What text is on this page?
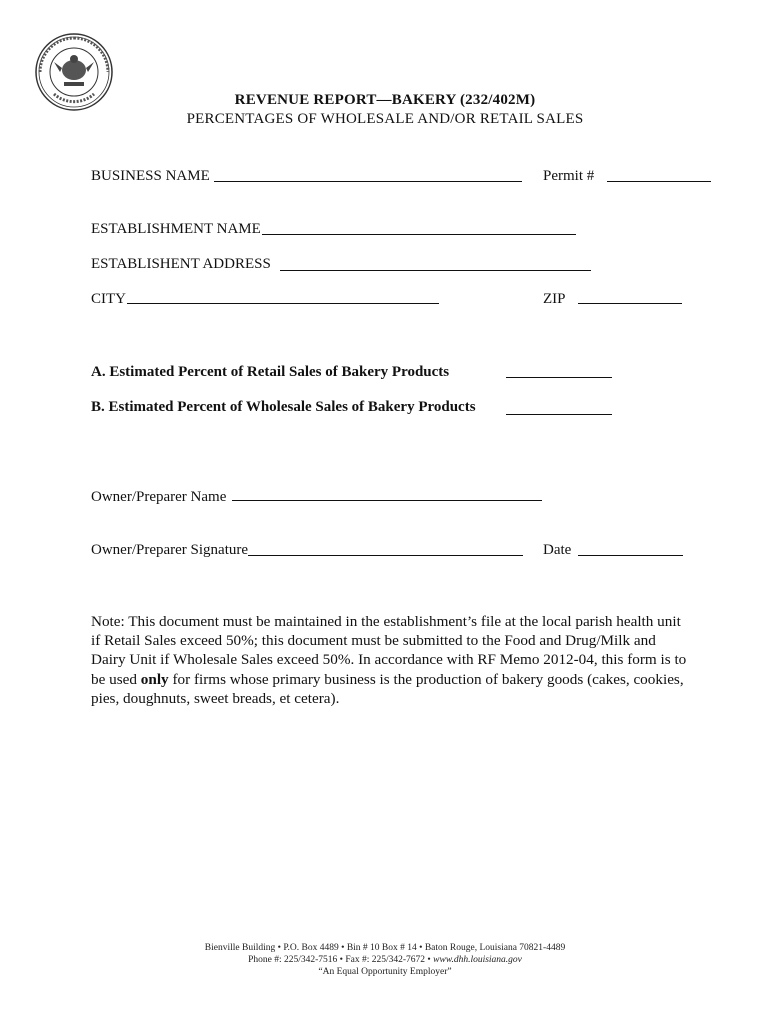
REVENUE REPORT—BAKERY (232/402M)
PERCENTAGES OF WHOLESALE AND/OR RETAIL SALES
BUSINESS NAME	Permit #
ESTABLISHMENT NAME
ESTABLISHENT ADDRESS
CITY	ZIP
A. Estimated Percent of Retail Sales of Bakery Products
B. Estimated Percent of Wholesale Sales of Bakery Products
Owner/Preparer Name
Owner/Preparer Signature	Date
Note: This document must be maintained in the establishment’s file at the local parish health unit if Retail Sales exceed 50%; this document must be submitted to the Food and Drug/Milk and Dairy Unit if Wholesale Sales exceed 50%. In accordance with RF Memo 2012-04, this form is to be used only for firms whose primary business is the production of bakery goods (cakes, cookies, pies, doughnuts, sweet breads, et cetera).
Bienville Building • P.O. Box 4489 • Bin # 10 Box # 14 • Baton Rouge, Louisiana 70821-4489
Phone #: 225/342-7516 • Fax #: 225/342-7672 • www.dhh.louisiana.gov
“An Equal Opportunity Employer”
